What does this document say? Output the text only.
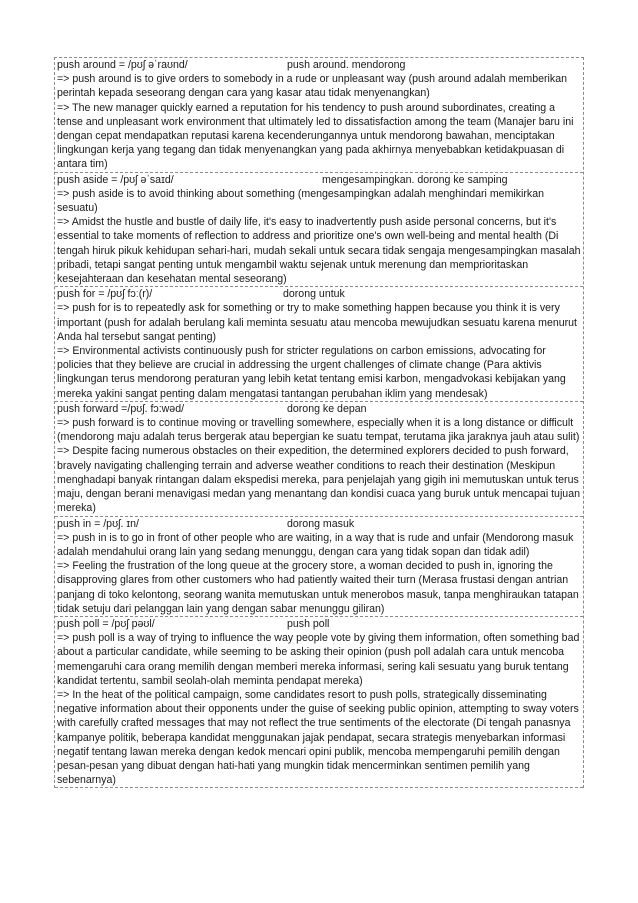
push around = /pʊʃ əˈraʊnd/	push around. mendorong

=> push around is to give orders to somebody in a rude or unpleasant way (push around adalah memberikan perintah kepada seseorang dengan cara yang kasar atau tidak menyenangkan)

=> The new manager quickly earned a reputation for his tendency to push around subordinates, creating a tense and unpleasant work environment that ultimately led to dissatisfaction among the team (Manajer baru ini dengan cepat mendapatkan reputasi karena kecenderungannya untuk mendorong bawahan, menciptakan lingkungan kerja yang tegang dan tidak menyenangkan yang pada akhirnya menyebabkan ketidakpuasan di antara tim)

push aside = /pʊʃ əˈsaɪd/	mengesampingkan. dorong ke samping

=> push aside is to avoid thinking about something (mengesampingkan adalah menghindari memikirkan sesuatu)

=> Amidst the hustle and bustle of daily life, it's easy to inadvertently push aside personal concerns, but it's essential to take moments of reflection to address and prioritize one's own well-being and mental health (Di tengah hiruk pikuk kehidupan sehari-hari, mudah sekali untuk secara tidak sengaja mengesampingkan masalah pribadi, tetapi sangat penting untuk mengambil waktu sejenak untuk merenung dan memprioritaskan kesejahteraan dan kesehatan mental seseorang)

push for = /pʊʃ fɔː(r)/	dorong untuk

=> push for is to repeatedly ask for something or try to make something happen because you think it is very important (push for adalah berulang kali meminta sesuatu atau mencoba mewujudkan sesuatu karena menurut Anda hal tersebut sangat penting)

=> Environmental activists continuously push for stricter regulations on carbon emissions, advocating for policies that they believe are crucial in addressing the urgent challenges of climate change (Para aktivis lingkungan terus mendorong peraturan yang lebih ketat tentang emisi karbon, mengadvokasi kebijakan yang mereka yakini sangat penting dalam mengatasi tantangan perubahan iklim yang mendesak)

push forward =/pʊʃ. fɔ:wəd/	dorong ke depan

=> push forward is to continue moving or travelling somewhere, especially when it is a long distance or difficult (mendorong maju adalah terus bergerak atau bepergian ke suatu tempat, terutama jika jaraknya jauh atau sulit)

=> Despite facing numerous obstacles on their expedition, the determined explorers decided to push forward, bravely navigating challenging terrain and adverse weather conditions to reach their destination (Meskipun menghadapi banyak rintangan dalam ekspedisi mereka, para penjelajah yang gigih ini memutuskan untuk terus maju, dengan berani menavigasi medan yang menantang dan kondisi cuaca yang buruk untuk mencapai tujuan mereka)

push in = /pʊʃ. ɪn/	dorong masuk

=> push in is to go in front of other people who are waiting, in a way that is rude and unfair (Mendorong masuk adalah mendahului orang lain yang sedang menunggu, dengan cara yang tidak sopan dan tidak adil)

=> Feeling the frustration of the long queue at the grocery store, a woman decided to push in, ignoring the disapproving glares from other customers who had patiently waited their turn (Merasa frustasi dengan antrian panjang di toko kelontong, seorang wanita memutuskan untuk menerobos masuk, tanpa menghiraukan tatapan tidak setuju dari pelanggan lain yang dengan sabar menunggu giliran)

push poll = /pʊʃ pəʊl/	push poll

=> push poll is a way of trying to influence the way people vote by giving them information, often something bad about a particular candidate, while seeming to be asking their opinion (push poll adalah cara untuk mencoba memengaruhi cara orang memilih dengan memberi mereka informasi, sering kali sesuatu yang buruk tentang kandidat tertentu, sambil seolah-olah meminta pendapat mereka)

=> In the heat of the political campaign, some candidates resort to push polls, strategically disseminating negative information about their opponents under the guise of seeking public opinion, attempting to sway voters with carefully crafted messages that may not reflect the true sentiments of the electorate (Di tengah panasnya kampanye politik, beberapa kandidat menggunakan jajak pendapat, secara strategis menyebarkan informasi negatif tentang lawan mereka dengan kedok mencari opini publik, mencoba mempengaruhi pemilih dengan pesan-pesan yang dibuat dengan hati-hati yang mungkin tidak mencerminkan sentimen pemilih yang sebenarnya)
